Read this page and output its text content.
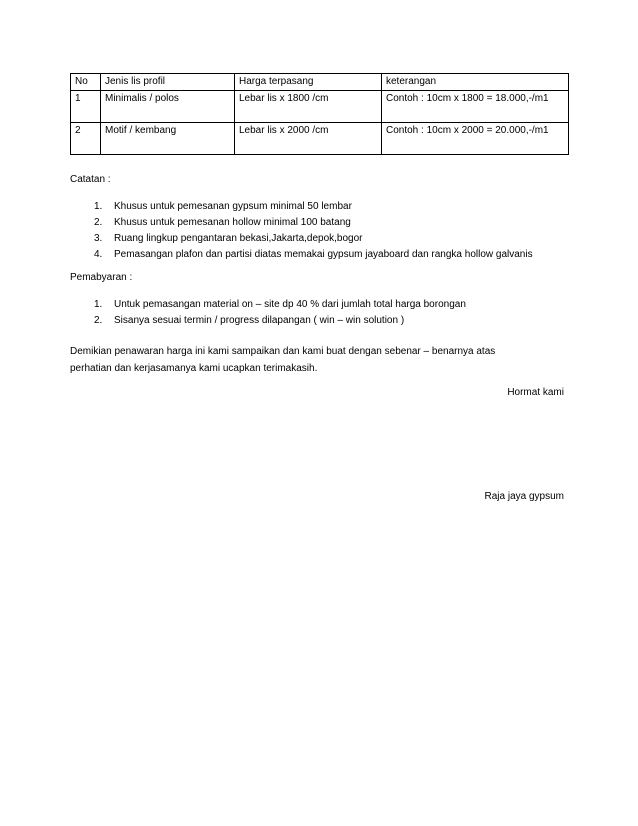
No	Jenis lis profil	Harga terpasang	keterangan
1	Minimalis / polos	Lebar lis x 1800 /cm	Contoh : 10cm x 1800 = 18.000,-/m1
2	Motif / kembang	Lebar lis x 2000 /cm	Contoh : 10cm x 2000 = 20.000,-/m1
Catatan :
1. Khusus untuk pemesanan gypsum minimal 50 lembar
2. Khusus untuk pemesanan hollow minimal 100 batang
3. Ruang lingkup pengantaran bekasi,Jakarta,depok,bogor
4. Pemasangan plafon dan partisi diatas memakai gypsum jayaboard dan rangka hollow galvanis
Pemabyaran :
1. Untuk pemasangan material on – site dp 40 % dari jumlah total harga borongan
2. Sisanya sesuai termin / progress dilapangan ( win – win solution )
Demikian penawaran harga ini kami sampaikan dan kami buat dengan sebenar – benarnya atas perhatian dan kerjasamanya kami ucapkan terimakasih.
Hormat kami
Raja jaya gypsum
